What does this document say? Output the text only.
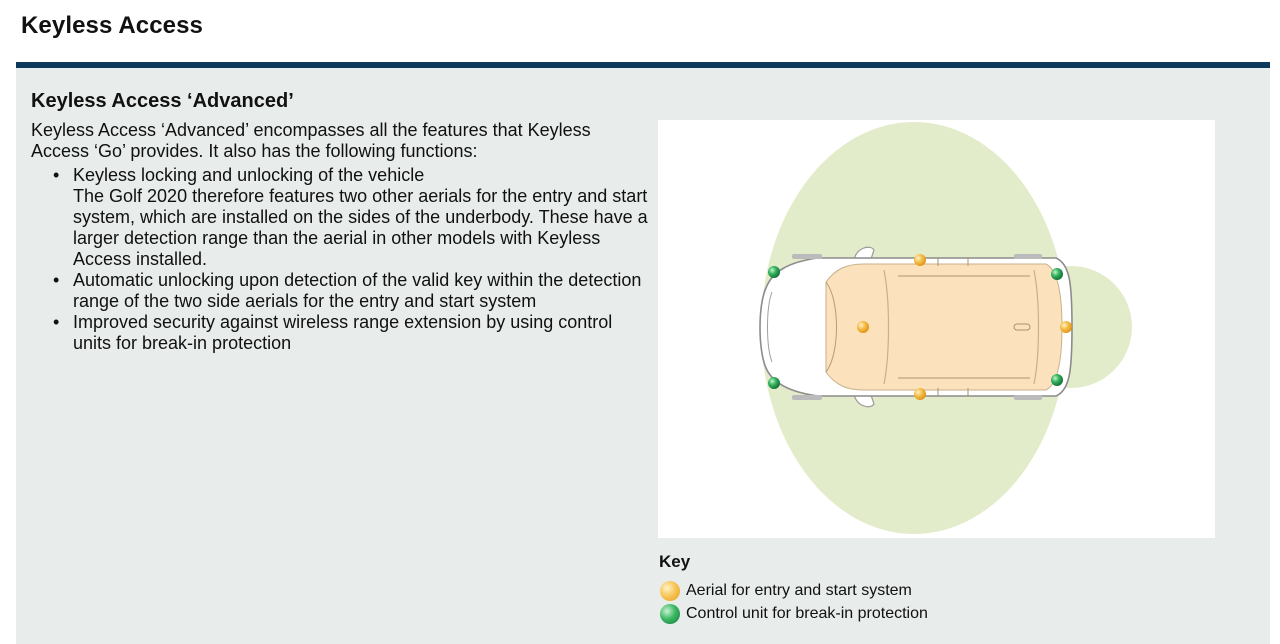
Keyless Access
Keyless Access ‘Advanced’

Keyless Access ‘Advanced’ encompasses all the features that Keyless Access ‘Go’ provides. It also has the following functions:

• Keyless locking and unlocking of the vehicle
The Golf 2020 therefore features two other aerials for the entry and start system, which are installed on the sides of the underbody. These have a larger detection range than the aerial in other models with Keyless Access installed.
• Automatic unlocking upon detection of the valid key within the detection range of the two side aerials for the entry and start system
• Improved security against wireless range extension by using control units for break-in protection
Key
Aerial for entry and start system
Control unit for break-in protection
